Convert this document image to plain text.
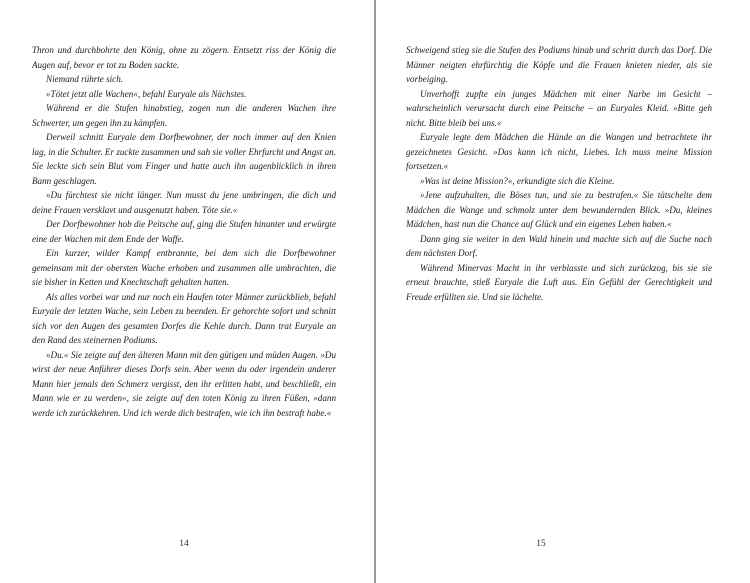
Thron und durchbohrte den König, ohne zu zögern. Entsetzt riss der König die Augen auf, bevor er tot zu Boden sackte.

Niemand rührte sich.

»Tötet jetzt alle Wachen«, befahl Euryale als Nächstes.

Während er die Stufen hinabstieg, zogen nun die anderen Wachen ihre Schwerter, um gegen ihn zu kämpfen.

Derweil schnitt Euryale dem Dorfbewohner, der noch immer auf den Knien lag, in die Schulter. Er zuckte zusammen und sah sie voller Ehrfurcht und Angst an. Sie leckte sich sein Blut vom Finger und hatte auch ihn augenblicklich in ihren Bann geschlagen.

»Du fürchtest sie nicht länger. Nun musst du jene umbringen, die dich und deine Frauen versklavt und ausgenutzt haben. Töte sie.«

Der Dorfbewohner hob die Peitsche auf, ging die Stufen hinunter und erwürgte eine der Wachen mit dem Ende der Waffe.

Ein kurzer, wilder Kampf entbrannte, bei dem sich die Dorfbewohner gemeinsam mit der obersten Wache erhoben und zusammen alle umbrachten, die sie bisher in Ketten und Knechtschaft gehalten hatten.

Als alles vorbei war und nur noch ein Haufen toter Männer zurückblieb, befahl Euryale der letzten Wache, sein Leben zu beenden. Er gehorchte sofort und schnitt sich vor den Augen des gesamten Dorfes die Kehle durch. Dann trat Euryale an den Rand des steinernen Podiums.

»Du.« Sie zeigte auf den älteren Mann mit den gütigen und müden Augen. »Du wirst der neue Anführer dieses Dorfs sein. Aber wenn du oder irgendein anderer Mann hier jemals den Schmerz vergisst, den ihr erlitten habt, und beschließt, ein Mann wie er zu werden«, sie zeigte auf den toten König zu ihren Füßen, »dann werde ich zurückkehren. Und ich werde dich bestrafen, wie ich ihn bestraft habe.«

14

Schweigend stieg sie die Stufen des Podiums hinab und schritt durch das Dorf. Die Männer neigten ehrfürchtig die Köpfe und die Frauen knieten nieder, als sie vorbeiging.

Unverhofft zupfte ein junges Mädchen mit einer Narbe im Gesicht – wahrscheinlich verursacht durch eine Peitsche – an Euryales Kleid. »Bitte geh nicht. Bitte bleib bei uns.«

Euryale legte dem Mädchen die Hände an die Wangen und betrachtete ihr gezeichnetes Gesicht. »Das kann ich nicht, Liebes. Ich muss meine Mission fortsetzen.«

»Was ist deine Mission?«, erkundigte sich die Kleine.

»Jene aufzuhalten, die Böses tun, und sie zu bestrafen.« Sie tätschelte dem Mädchen die Wange und schmolz unter dem bewundernden Blick. »Du, kleines Mädchen, hast nun die Chance auf Glück und ein eigenes Leben haben.«

Dann ging sie weiter in den Wald hinein und machte sich auf die Suche nach dem nächsten Dorf.

Während Minervas Macht in ihr verblasste und sich zurückzog, bis sie sie erneut brauchte, stieß Euryale die Luft aus. Ein Gefühl der Gerechtigkeit und Freude erfüllten sie. Und sie lächelte.

15
